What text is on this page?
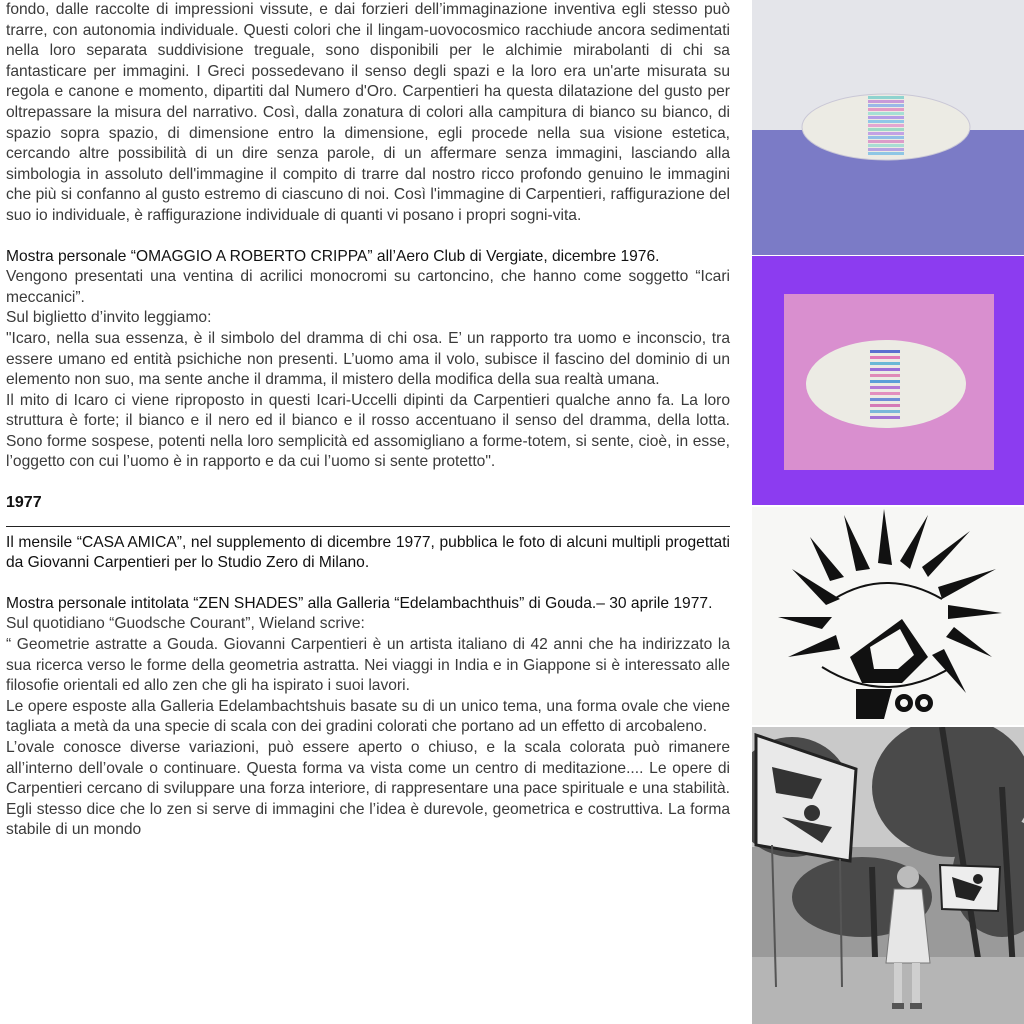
fondo, dalle raccolte di impressioni vissute, e dai forzieri dell’immaginazione inventiva egli stesso può trarre, con autonomia individuale. Questi colori che il lingam-uovocosmico racchiude ancora sedimentati nella loro separata suddivisione treguale, sono disponibili per le alchimie mirabolanti di chi sa fantasticare per immagini. I Greci possedevano il senso degli spazi e la loro era un'arte misurata su regola e canone e momento, dipartiti dal Numero d'Oro. Carpentieri ha questa dilatazione del gusto per oltrepassare la misura del narrativo. Così, dalla zonatura di colori alla campitura di bianco su bianco, di spazio sopra spazio, di dimensione entro la dimensione, egli procede nella sua visione estetica, cercando altre possibilità di un dire senza parole, di un affermare senza immagini, lasciando alla simbologia in assoluto dell'immagine il compito di trarre dal nostro ricco profondo genuino le immagini che più si confanno al gusto estremo di ciascuno di noi. Così l'immagine di Carpentieri, raffigurazione del suo io individuale, è raffigurazione individuale di quanti vi posano i propri sogni-vita.

Mostra personale “OMAGGIO A ROBERTO CRIPPA” all’Aero Club di Vergiate, dicembre 1976.

Vengono presentati una ventina di acrilici monocromi su cartoncino, che hanno come soggetto “Icari meccanici”.
Sul biglietto d’invito leggiamo:
"Icaro, nella sua essenza, è il simbolo del dramma di chi osa. E’ un rapporto tra uomo e inconscio, tra essere umano ed entità psichiche non presenti. L’uomo ama il volo, subisce il fascino del dominio di un elemento non suo, ma sente anche il dramma, il mistero della modifica della sua realtà umana.
Il mito di Icaro ci viene riproposto in questi Icari-Uccelli dipinti da Carpentieri qualche anno fa. La loro struttura è forte; il bianco e il nero ed il bianco e il rosso accentuano il senso del dramma, della lotta. Sono forme sospese, potenti nella loro semplicità ed assomigliano a forme-totem, si sente, cioè, in esse, l’oggetto con cui l’uomo è in rapporto e da cui l’uomo si sente protetto".

1977

Il mensile “CASA AMICA”, nel supplemento di dicembre 1977, pubblica le foto di alcuni multipli progettati da Giovanni Carpentieri per lo Studio Zero di Milano.

Mostra personale intitolata “ZEN SHADES” alla Galleria “Edelambachthuis” di Gouda.– 30 aprile 1977.

Sul quotidiano “Guodsche Courant”, Wieland scrive:
“ Geometrie astratte a Gouda. Giovanni Carpentieri è un artista italiano di 42 anni che ha indirizzato la sua ricerca verso le forme della geometria astratta. Nei viaggi in India e in Giappone si è interessato alle filosofie orientali ed allo zen che gli ha ispirato i suoi lavori.
Le opere esposte alla Galleria Edelambachtshuis basate su di un unico tema, una forma ovale che viene tagliata a metà da una specie di scala con dei gradini colorati che portano ad un effetto di arcobaleno.
L’ovale conosce diverse variazioni, può essere aperto o chiuso, e la scala colorata può rimanere all’interno dell’ovale o continuare. Questa forma va vista come un centro di meditazione.... Le opere di Carpentieri cercano di sviluppare una forza interiore, di rappresentare una pace spirituale e una stabilità. Egli stesso dice che lo zen si serve di immagini che l’idea è durevole, geometrica e costruttiva. La forma stabile di un mondo
